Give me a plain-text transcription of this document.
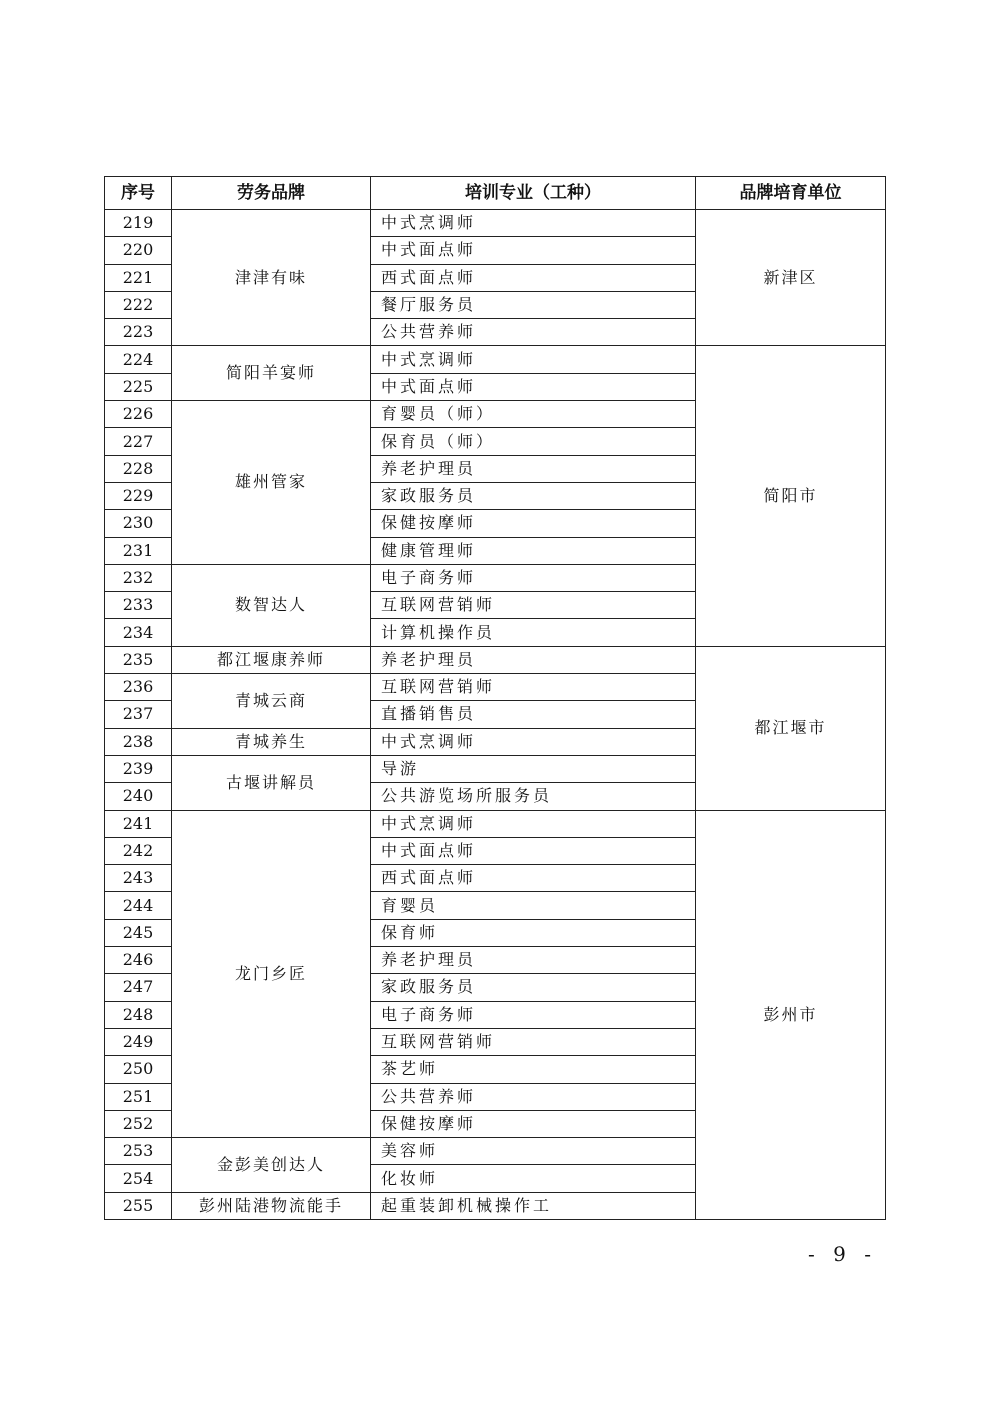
序号	劳务品牌	培训专业（工种）	品牌培育单位
219	津津有味	中式烹调师	新津区
220		中式面点师	
221		西式面点师	
222		餐厅服务员	
223		公共营养师	
224	简阳羊宴师	中式烹调师	简阳市
225		中式面点师	
226	雄州管家	育婴员（师）	
227		保育员（师）	
228		养老护理员	
229		家政服务员	
230		保健按摩师	
231		健康管理师	
232	数智达人	电子商务师	
233		互联网营销师	
234		计算机操作员	
235	都江堰康养师	养老护理员	都江堰市
236	青城云商	互联网营销师	
237		直播销售员	
238	青城养生	中式烹调师	
239	古堰讲解员	导游	
240		公共游览场所服务员	
241	龙门乡匠	中式烹调师	彭州市
242		中式面点师	
243		西式面点师	
244		育婴员	
245		保育师	
246		养老护理员	
247		家政服务员	
248		电子商务师	
249		互联网营销师	
250		茶艺师	
251		公共营养师	
252		保健按摩师	
253	金彭美创达人	美容师	
254		化妆师	
255	彭州陆港物流能手	起重装卸机械操作工	
- 9 -
